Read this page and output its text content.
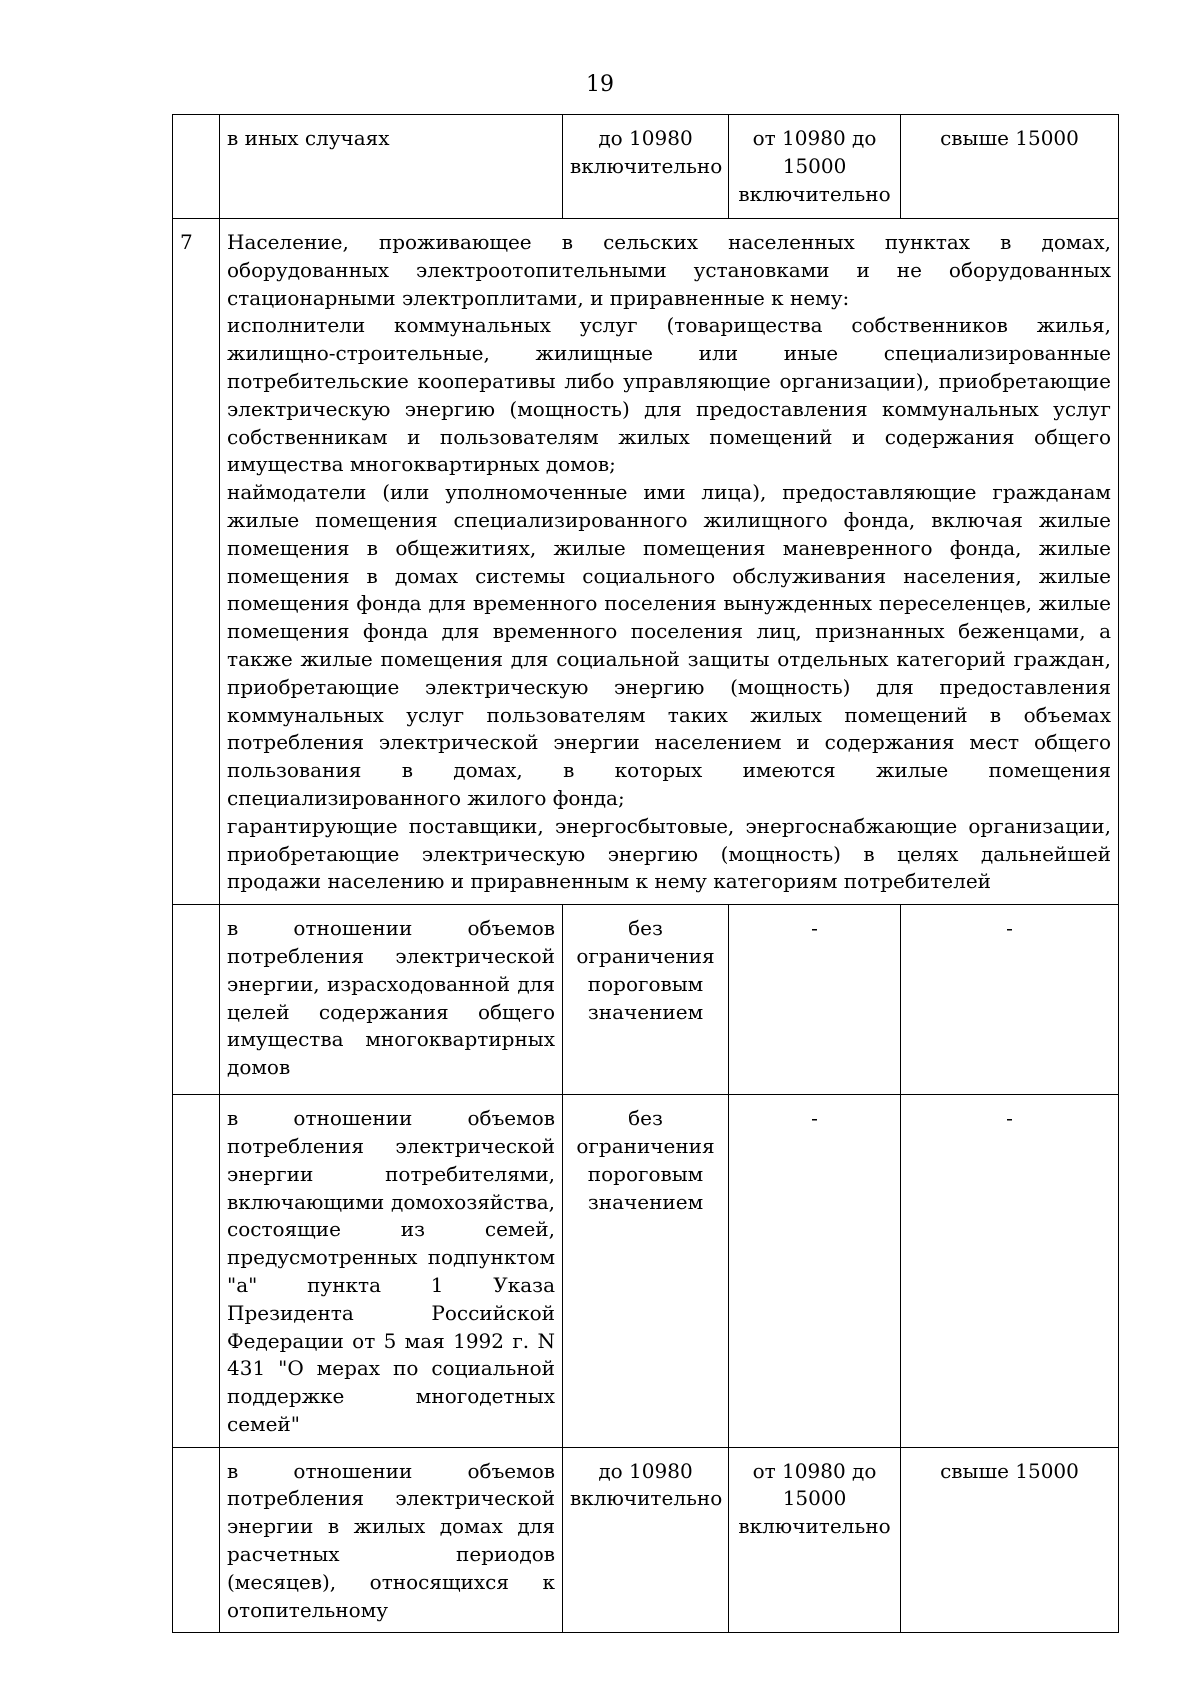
19
	в иных случаях	до 10980 включительно	от 10980 до 15000 включительно	свыше 15000
7	Население, проживающее в сельских населенных пунктах в домах, оборудованных электроотопительными установками и не оборудованных стационарными электроплитами, и приравненные к нему:
исполнители коммунальных услуг (товарищества собственников жилья, жилищно-строительные, жилищные или иные специализированные потребительские кооперативы либо управляющие организации), приобретающие электрическую энергию (мощность) для предоставления коммунальных услуг собственникам и пользователям жилых помещений и содержания общего имущества многоквартирных домов;
наймодатели (или уполномоченные ими лица), предоставляющие гражданам жилые помещения специализированного жилищного фонда, включая жилые помещения в общежитиях, жилые помещения маневренного фонда, жилые помещения в домах системы социального обслуживания населения, жилые помещения фонда для временного поселения вынужденных переселенцев, жилые помещения фонда для временного поселения лиц, признанных беженцами, а также жилые помещения для социальной защиты отдельных категорий граждан, приобретающие электрическую энергию (мощность) для предоставления коммунальных услуг пользователям таких жилых помещений в объемах потребления электрической энергии населением и содержания мест общего пользования в домах, в которых имеются жилые помещения специализированного жилого фонда;
гарантирующие поставщики, энергосбытовые, энергоснабжающие организации, приобретающие электрическую энергию (мощность) в целях дальнейшей продажи населению и приравненным к нему категориям потребителей			

	в отношении объемов потребления электрической энергии, израсходованной для целей содержания общего имущества многоквартирных домов	без ограничения пороговым значением	-	-
	в отношении объемов потребления электрической энергии потребителями, включающими домохозяйства, состоящие из семей, предусмотренных подпунктом "а" пункта 1 Указа Президента Российской Федерации от 5 мая 1992 г. N 431 "О мерах по социальной поддержке многодетных семей"	без ограничения пороговым значением	-	-
	в отношении объемов потребления электрической энергии в жилых домах для расчетных периодов (месяцев), относящихся к отопительному	до 10980 включительно	от 10980 до 15000 включительно	свыше 15000
